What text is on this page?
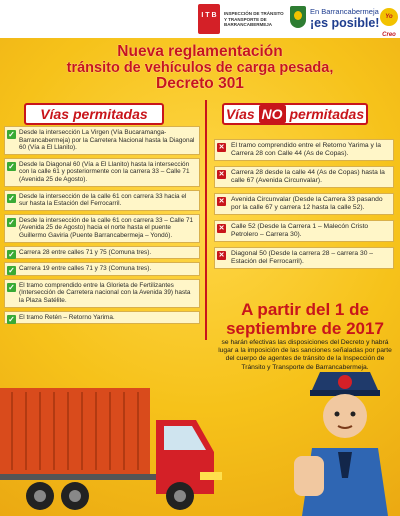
I T B	INSPECCIÓN DE TRÁNSITO Y TRANSPORTE DE BARRANCABERMEJA
En Barrancabermeja
¡es posible! Yo Creo
Nueva reglamentación
tránsito de vehículos de carga pesada,
Decreto 301
Vías permitadas	Vías NO permitadas
✓ Desde la intersección La Virgen (Vía Bucaramanga-Barrancabermeja) por la Carretera Nacional hasta la Diagonal 60 (Vía a El Llanito).
✓ Desde la Diagonal 60 (Vía a El Llanito) hasta la intersección con la calle 61 y posteriormente con la carrera 33 – Calle 71 (Avenida 25 de Agosto).
✓ Desde la intersección de la calle 61 con carrera 33 hacia el sur hasta la Estación del Ferrocarril.
✓ Desde la intersección de la calle 61 con carrera 33 – Calle 71 (Avenida 25 de Agosto) hacia el norte hasta el puente Guillermo Gaviria (Puente Barrancabermeja – Yondó).
✓ Carrera 28 entre calles 71 y 75 (Comuna tres).
✓ Carrera 19 entre calles 71 y 73 (Comuna tres).
✓ El tramo comprendido entre la Glorieta de Fertilizantes (Intersección de Carretera nacional con la Avenida 39) hasta la Plaza Satélite.
✓ El tramo Retén – Retorno Yarima.
✕ El tramo comprendido entre el Retorno Yarima y la Carrera 28 con Calle 44 (As de Copas).
✕ Carrera 28 desde la calle 44 (As de Copas) hasta la calle 67 (Avenida Circunvalar).
✕ Avenida Circunvalar (Desde la Carrera 33 pasando por la calle 67 y carrera 12 hasta la calle 52).
✕ Calle 52 (Desde la Carrera 1 – Malecón Cristo Petrolero – Carrera 30).
✕ Diagonal 50 (Desde la carrera 28 – carrera 30 – Estación del Ferrocarril).
A partir del 1 de
septiembre de 2017
se harán efectivas las disposiciones del Decreto y habrá lugar a la imposición de las sanciones señaladas por parte del cuerpo de agentes de tránsito de la Inspección de Tránsito y Transporte de Barrancabermeja.
